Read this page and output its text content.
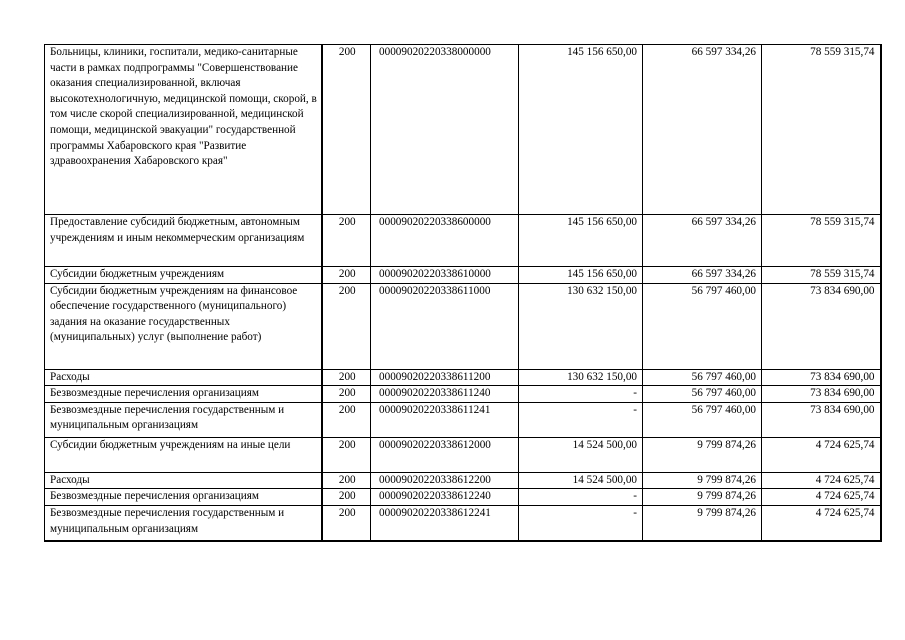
Больницы, клиники, госпитали, медико-санитарные части в рамках подпрограммы "Совершенствование оказания специализированной, включая высокотехнологичную, медицинской помощи, скорой, в том числе скорой специализированной, медицинской помощи, медицинской эвакуации" государственной программы Хабаровского края "Развитие здравоохранения Хабаровского края"	200	00009020220338000000	145 156 650,00	66 597 334,26	78 559 315,74
Предоставление субсидий бюджетным, автономным учреждениям и иным некоммерческим организациям	200	00009020220338600000	145 156 650,00	66 597 334,26	78 559 315,74
Субсидии бюджетным учреждениям	200	00009020220338610000	145 156 650,00	66 597 334,26	78 559 315,74
Субсидии бюджетным учреждениям на финансовое обеспечение государственного (муниципального) задания на оказание государственных (муниципальных) услуг (выполнение работ)	200	00009020220338611000	130 632 150,00	56 797 460,00	73 834 690,00
Расходы	200	00009020220338611200	130 632 150,00	56 797 460,00	73 834 690,00
Безвозмездные перечисления организациям	200	00009020220338611240	-	56 797 460,00	73 834 690,00
Безвозмездные перечисления государственным и муниципальным организациям	200	00009020220338611241	-	56 797 460,00	73 834 690,00
Субсидии бюджетным учреждениям на иные цели	200	00009020220338612000	14 524 500,00	9 799 874,26	4 724 625,74
Расходы	200	00009020220338612200	14 524 500,00	9 799 874,26	4 724 625,74
Безвозмездные перечисления организациям	200	00009020220338612240	-	9 799 874,26	4 724 625,74
Безвозмездные перечисления государственным и муниципальным организациям	200	00009020220338612241	-	9 799 874,26	4 724 625,74
